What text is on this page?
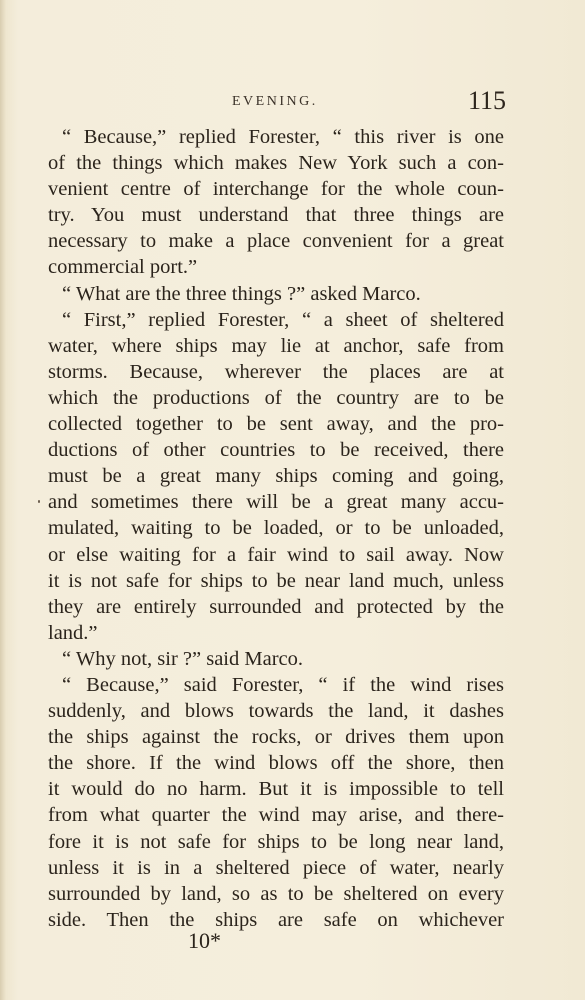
EVENING.	115
“ Because,” replied Forester, “ this river is one
of the things which makes New York such a con-
venient centre of interchange for the whole coun-
try. You must understand that three things are
necessary to make a place convenient for a great
commercial port.”
“ What are the three things ?” asked Marco.
“ First,” replied Forester, “ a sheet of sheltered
water, where ships may lie at anchor, safe from
storms. Because, wherever the places are at
which the productions of the country are to be
collected together to be sent away, and the pro-
ductions of other countries to be received, there
must be a great many ships coming and going,
and sometimes there will be a great many accu-
mulated, waiting to be loaded, or to be unloaded,
or else waiting for a fair wind to sail away. Now
it is not safe for ships to be near land much, unless
they are entirely surrounded and protected by the
land.”
“ Why not, sir ?” said Marco.
“ Because,” said Forester, “ if the wind rises
suddenly, and blows towards the land, it dashes
the ships against the rocks, or drives them upon
the shore. If the wind blows off the shore, then
it would do no harm. But it is impossible to tell
from what quarter the wind may arise, and there-
fore it is not safe for ships to be long near land,
unless it is in a sheltered piece of water, nearly
surrounded by land, so as to be sheltered on every
side. Then the ships are safe on whichever
10*
